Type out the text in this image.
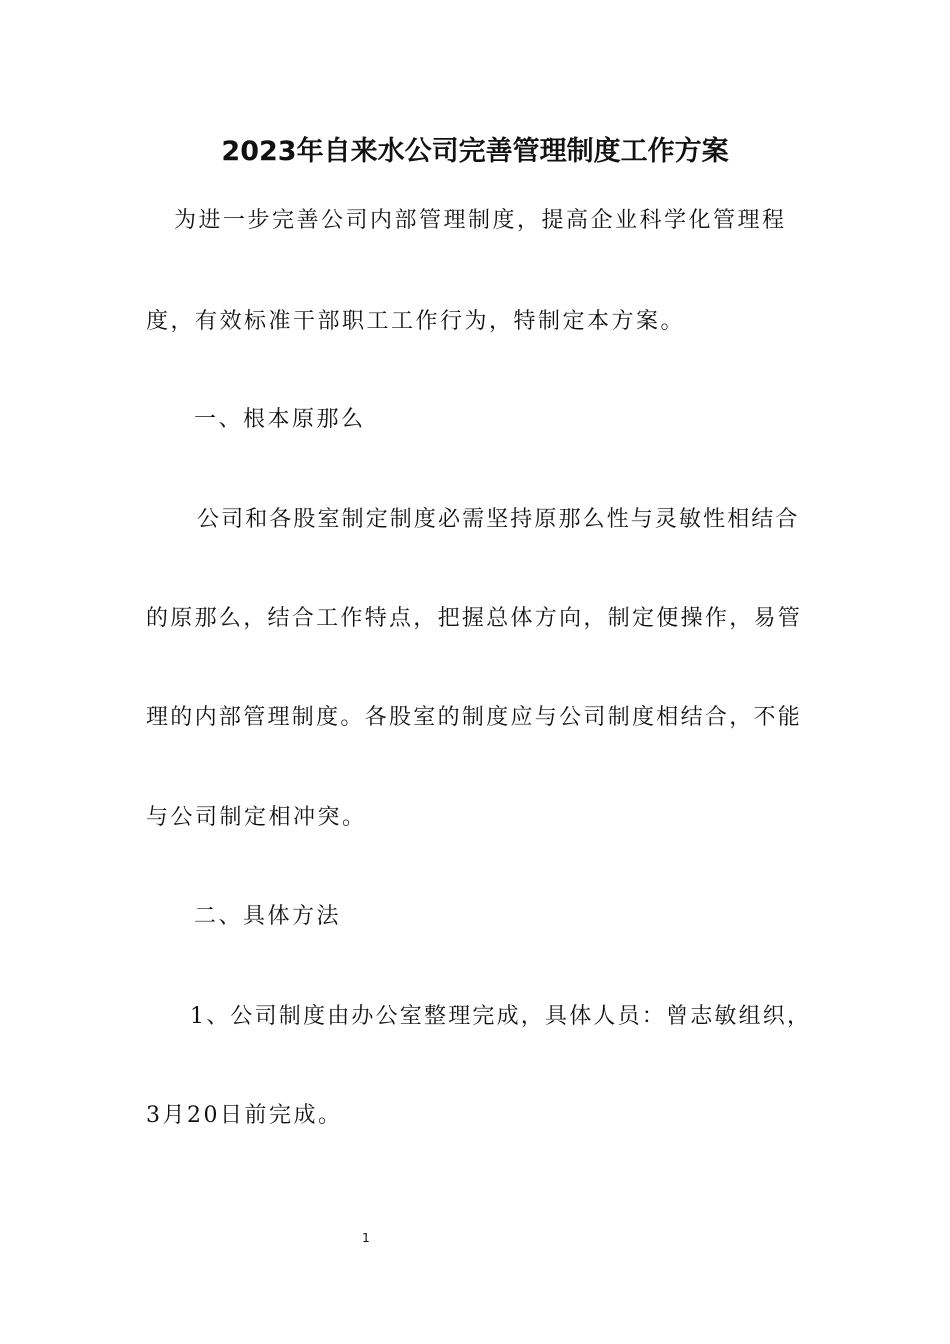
2023年自来水公司完善管理制度工作方案
为进一步完善公司内部管理制度，提高企业科学化管理程
度，有效标准干部职工工作行为，特制定本方案。
一、根本原那么
公司和各股室制定制度必需坚持原那么性与灵敏性相结合
的原那么，结合工作特点，把握总体方向，制定便操作，易管
理的内部管理制度。各股室的制度应与公司制度相结合，不能
与公司制定相冲突。
二、具体方法
1、公司制度由办公室整理完成，具体人员：曾志敏组织，
3月20日前完成。
1
